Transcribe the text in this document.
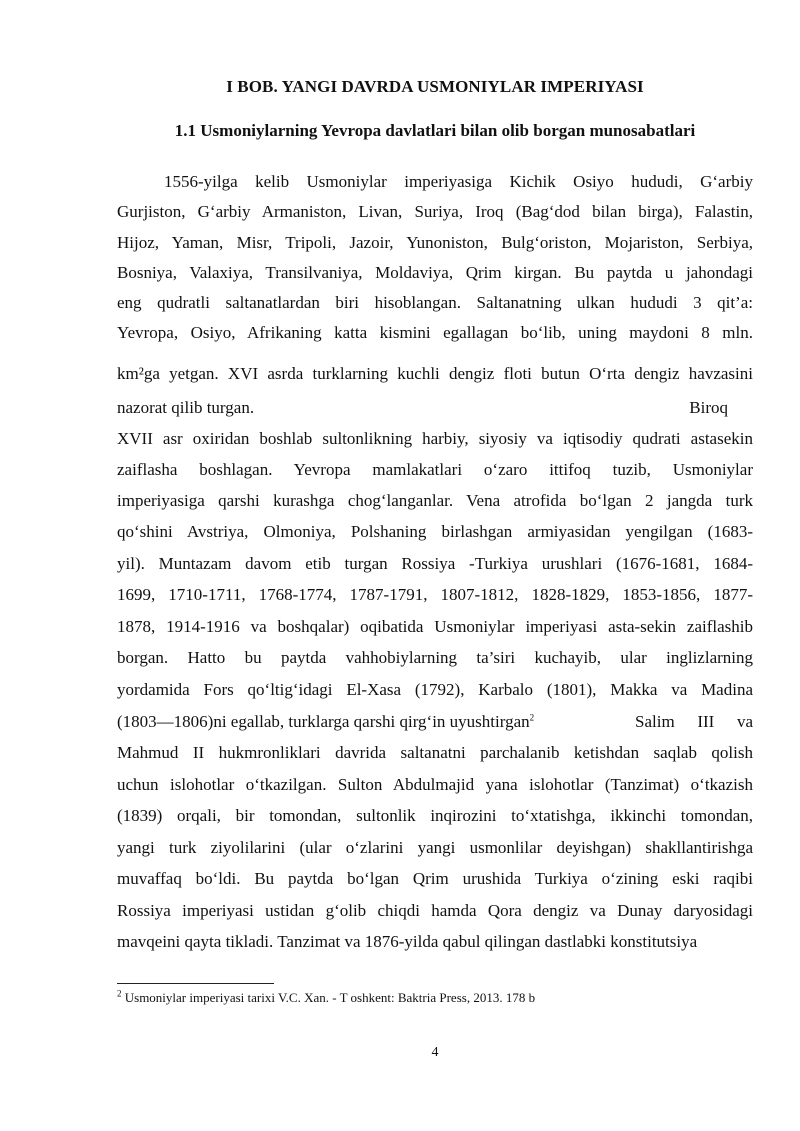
I BOB. YANGI DAVRDA USMONIYLAR IMPERIYASI
1.1 Usmoniylarning Yevropa davlatlari bilan olib borgan munosabatlari
1556-yilga kelib Usmoniylar imperiyasiga Kichik Osiyo hududi, G‘arbiy
Gurjiston, G‘arbiy Armaniston, Livan, Suriya, Iroq (Bag‘dod bilan birga), Falastin,
Hijoz, Yaman, Misr, Tripoli, Jazoir, Yunoniston, Bulg‘oriston, Mojariston, Serbiya,
Bosniya, Valaxiya, Transilvaniya, Moldaviya, Qrim kirgan. Bu paytda u jahondagi
eng qudratli saltanatlardan biri hisoblangan. Saltanatning ulkan hududi 3 qit’a:
Yevropa, Osiyo, Afrikaning katta kismini egallagan bo‘lib, uning maydoni 8 mln.
km²ga yetgan. XVI asrda turklarning kuchli dengiz floti butun O‘rta dengiz havzasini
nazorat qilib turgan.	Biroq
XVII asr oxiridan boshlab sultonlikning harbiy, siyosiy va iqtisodiy qudrati astasekin
zaiflasha boshlagan. Yevropa mamlakatlari o‘zaro ittifoq tuzib, Usmoniylar
imperiyasiga qarshi kurashga chog‘langanlar. Vena atrofida bo‘lgan 2 jangda turk
qo‘shini Avstriya, Olmoniya, Polshaning birlashgan armiyasidan yengilgan (1683-
yil). Muntazam davom etib turgan Rossiya -Turkiya urushlari (1676-1681, 1684-
1699, 1710-1711, 1768-1774, 1787-1791, 1807-1812, 1828-1829, 1853-1856, 1877-
1878, 1914-1916 va boshqalar) oqibatida Usmoniylar imperiyasi asta-sekin zaiflashib
borgan. Hatto bu paytda vahhobiylarning ta’siri kuchayib, ular inglizlarning
yordamida Fors qo‘ltig‘idagi El-Xasa (1792), Karbalo (1801), Makka va Madina
(1803—1806)ni egallab, turklarga qarshi qirg‘in uyushtirgan$^2$	Salim III va
Mahmud II hukmronliklari davrida saltanatni parchalanib ketishdan saqlab qolish
uchun islohotlar o‘tkazilgan. Sulton Abdulmajid yana islohotlar (Tanzimat) o‘tkazish
(1839) orqali, bir tomondan, sultonlik inqirozini to‘xtatishga, ikkinchi tomondan,
yangi turk ziyolilarini (ular o‘zlarini yangi usmonlilar deyishgan) shakllantirishga
muvaffaq bo‘ldi. Bu paytda bo‘lgan Qrim urushida Turkiya o‘zining eski raqibi
Rossiya imperiyasi ustidan g‘olib chiqdi hamda Qora dengiz va Dunay daryosidagi
mavqeini qayta tikladi. Tanzimat va 1876-yilda qabul qilingan dastlabki konstitutsiya
$^2$ Usmoniylar imperiyasi tarixi V.C. Xan. - T oshkent: Baktria Press, 2013. 178 b
4
